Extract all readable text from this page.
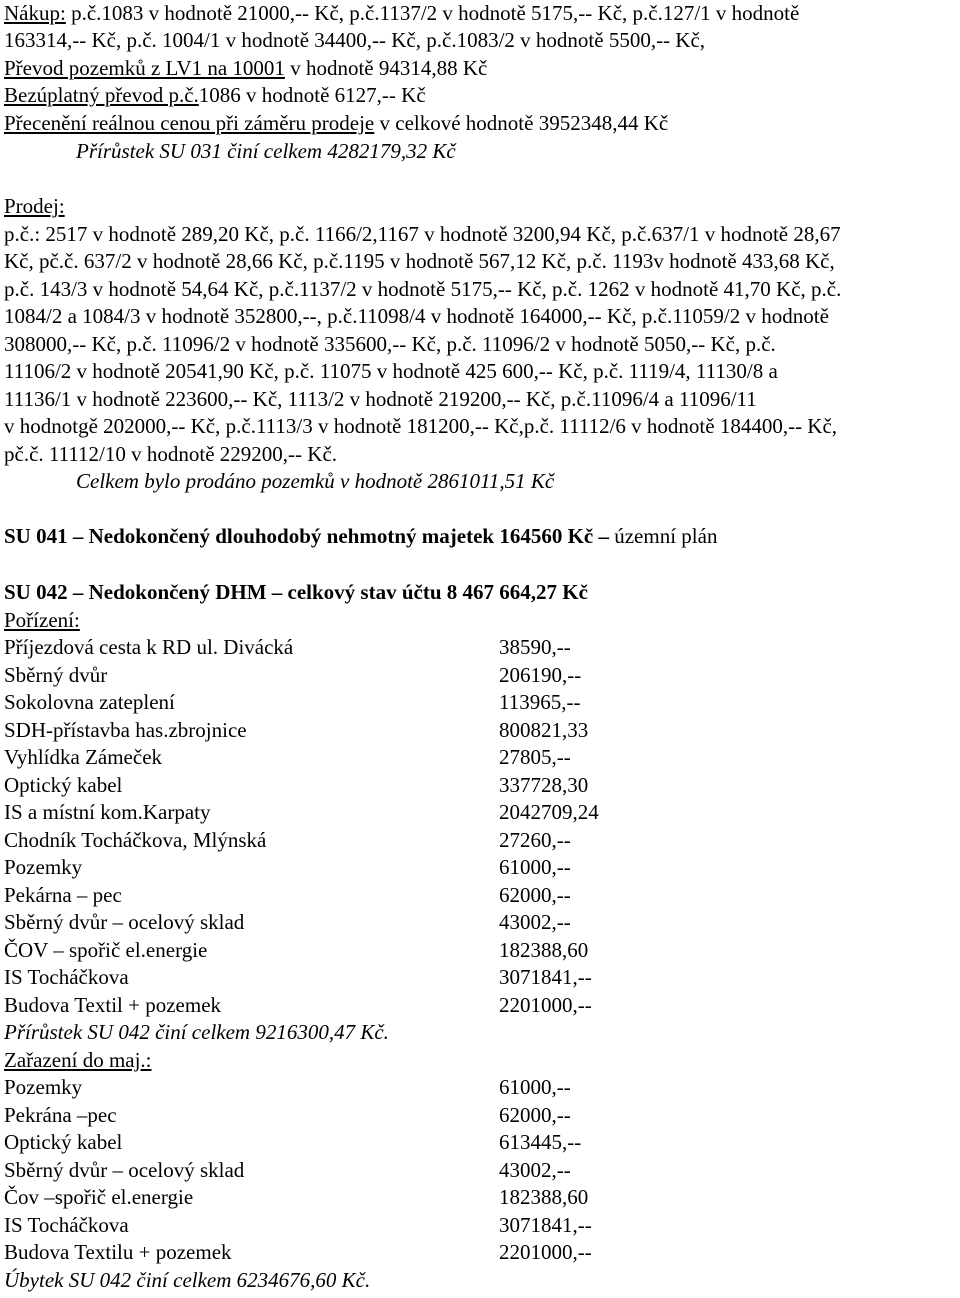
Nákup: p.č.1083 v hodnotě 21000,-- Kč, p.č.1137/2 v hodnotě 5175,-- Kč, p.č.127/1 v hodnotě
163314,-- Kč, p.č. 1004/1 v hodnotě 34400,-- Kč, p.č.1083/2 v hodnotě 5500,-- Kč,
Převod pozemků z LV1 na 10001 v hodnotě 94314,88 Kč
Bezúplatný převod p.č.1086 v hodnotě 6127,-- Kč
Přecenění reálnou cenou při záměru prodeje v celkové hodnotě 3952348,44 Kč
Přírůstek SU 031 činí celkem 4282179,32 Kč
Prodej:
p.č.: 2517 v hodnotě 289,20 Kč, p.č. 1166/2,1167 v hodnotě 3200,94 Kč, p.č.637/1 v hodnotě 28,67
Kč, pč.č. 637/2 v hodnotě 28,66 Kč, p.č.1195 v hodnotě 567,12 Kč, p.č. 1193v hodnotě 433,68 Kč,
p.č. 143/3 v hodnotě 54,64 Kč, p.č.1137/2 v hodnotě 5175,-- Kč, p.č. 1262 v hodnotě 41,70 Kč, p.č.
1084/2 a 1084/3 v hodnotě 352800,--, p.č.11098/4 v hodnotě 164000,-- Kč, p.č.11059/2 v hodnotě
308000,-- Kč, p.č. 11096/2 v hodnotě 335600,-- Kč, p.č. 11096/2 v hodnotě 5050,-- Kč, p.č.
11106/2 v hodnotě 20541,90 Kč, p.č. 11075 v hodnotě 425 600,-- Kč, p.č. 1119/4, 11130/8 a
11136/1 v hodnotě 223600,-- Kč, 1113/2 v hodnotě 219200,-- Kč, p.č.11096/4 a 11096/11
v hodnotgě 202000,-- Kč, p.č.1113/3 v hodnotě 181200,-- Kč,p.č. 11112/6 v hodnotě 184400,-- Kč,
pč.č. 11112/10 v hodnotě 229200,-- Kč.
Celkem bylo prodáno pozemků v hodnotě 2861011,51 Kč
SU 041 – Nedokončený dlouhodobý nehmotný majetek 164560 Kč – územní plán
SU 042 – Nedokončený DHM – celkový stav účtu 8 467 664,27 Kč
Pořízení:
Příjezdová cesta k RD ul. Divácká	38590,--
Sběrný dvůr	206190,--
Sokolovna zateplení	113965,--
SDH-přístavba has.zbrojnice	800821,33
Vyhlídka Zámeček	27805,--
Optický kabel	337728,30
IS a místní kom.Karpaty	2042709,24
Chodník Tocháčkova, Mlýnská	27260,--
Pozemky	61000,--
Pekárna – pec	62000,--
Sběrný dvůr – ocelový sklad	43002,--
ČOV – spořič el.energie	182388,60
IS Tocháčkova	3071841,--
Budova Textil + pozemek	2201000,--
Přírůstek SU 042 činí celkem 9216300,47 Kč.
Zařazení do maj.:
Pozemky	61000,--
Pekrána –pec	62000,--
Optický kabel	613445,--
Sběrný dvůr – ocelový sklad	43002,--
Čov –spořič el.energie	182388,60
IS Tocháčkova	3071841,--
Budova Textilu + pozemek	2201000,--
Úbytek SU 042 činí celkem 6234676,60 Kč.
